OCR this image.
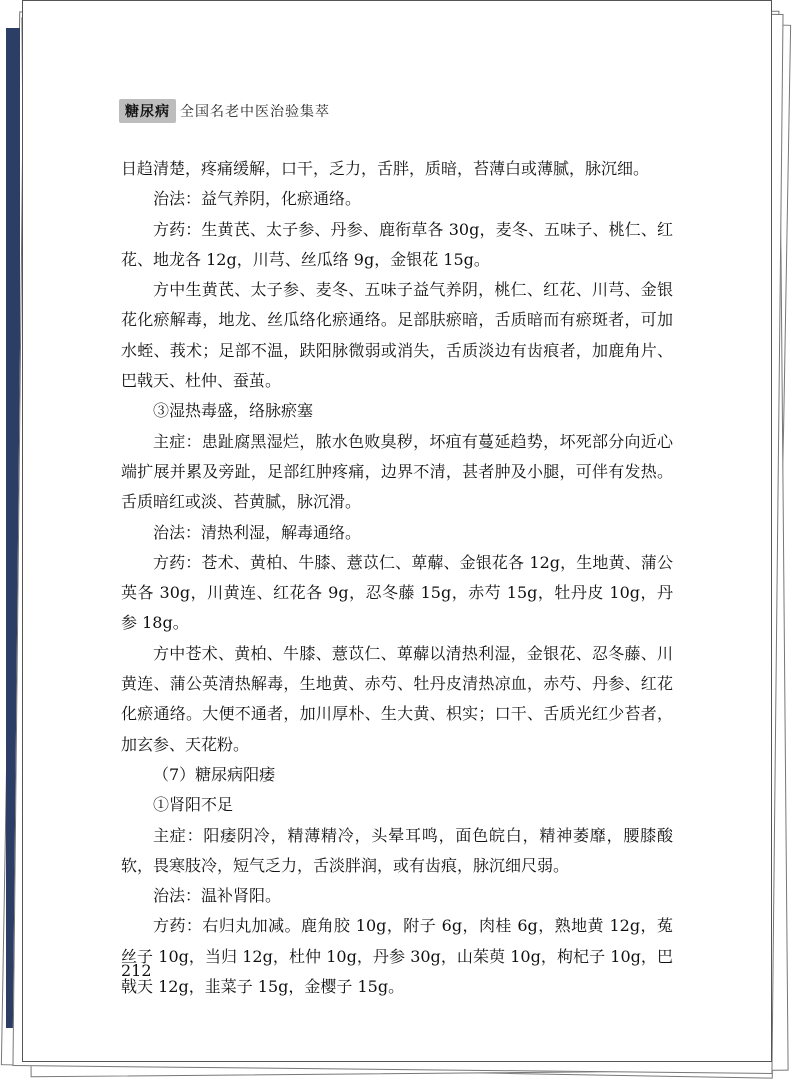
糖尿病 全国名老中医治验集萃

日趋清楚，疼痛缓解，口干，乏力，舌胖，质暗，苔薄白或薄腻，脉沉细。

治法：益气养阴，化瘀通络。

方药：生黄芪、太子参、丹参、鹿衔草各 30g，麦冬、五味子、桃仁、红花、地龙各 12g，川芎、丝瓜络 9g，金银花 15g。

方中生黄芪、太子参、麦冬、五味子益气养阴，桃仁、红花、川芎、金银花化瘀解毒，地龙、丝瓜络化瘀通络。足部肤瘀暗，舌质暗而有瘀斑者，可加水蛭、莪术；足部不温，趺阳脉微弱或消失，舌质淡边有齿痕者，加鹿角片、巴戟天、杜仲、蚕茧。

③湿热毒盛，络脉瘀塞

主症：患趾腐黑湿烂，脓水色败臭秽，坏疽有蔓延趋势，坏死部分向近心端扩展并累及旁趾，足部红肿疼痛，边界不清，甚者肿及小腿，可伴有发热。舌质暗红或淡、苔黄腻，脉沉滑。

治法：清热利湿，解毒通络。

方药：苍术、黄柏、牛膝、薏苡仁、萆薢、金银花各 12g，生地黄、蒲公英各 30g，川黄连、红花各 9g，忍冬藤 15g，赤芍 15g，牡丹皮 10g，丹参 18g。

方中苍术、黄柏、牛膝、薏苡仁、萆薢以清热利湿，金银花、忍冬藤、川黄连、蒲公英清热解毒，生地黄、赤芍、牡丹皮清热凉血，赤芍、丹参、红花化瘀通络。大便不通者，加川厚朴、生大黄、枳实；口干、舌质光红少苔者，加玄参、天花粉。

（7）糖尿病阳痿

①肾阳不足

主症：阳痿阴冷，精薄精冷，头晕耳鸣，面色皖白，精神萎靡，腰膝酸软，畏寒肢冷，短气乏力，舌淡胖润，或有齿痕，脉沉细尺弱。

治法：温补肾阳。

方药：右归丸加减。鹿角胶 10g，附子 6g，肉桂 6g，熟地黄 12g，菟丝子 10g，当归 12g，杜仲 10g，丹参 30g，山茱萸 10g，枸杞子 10g，巴戟天 12g，韭菜子 15g，金樱子 15g。

212
